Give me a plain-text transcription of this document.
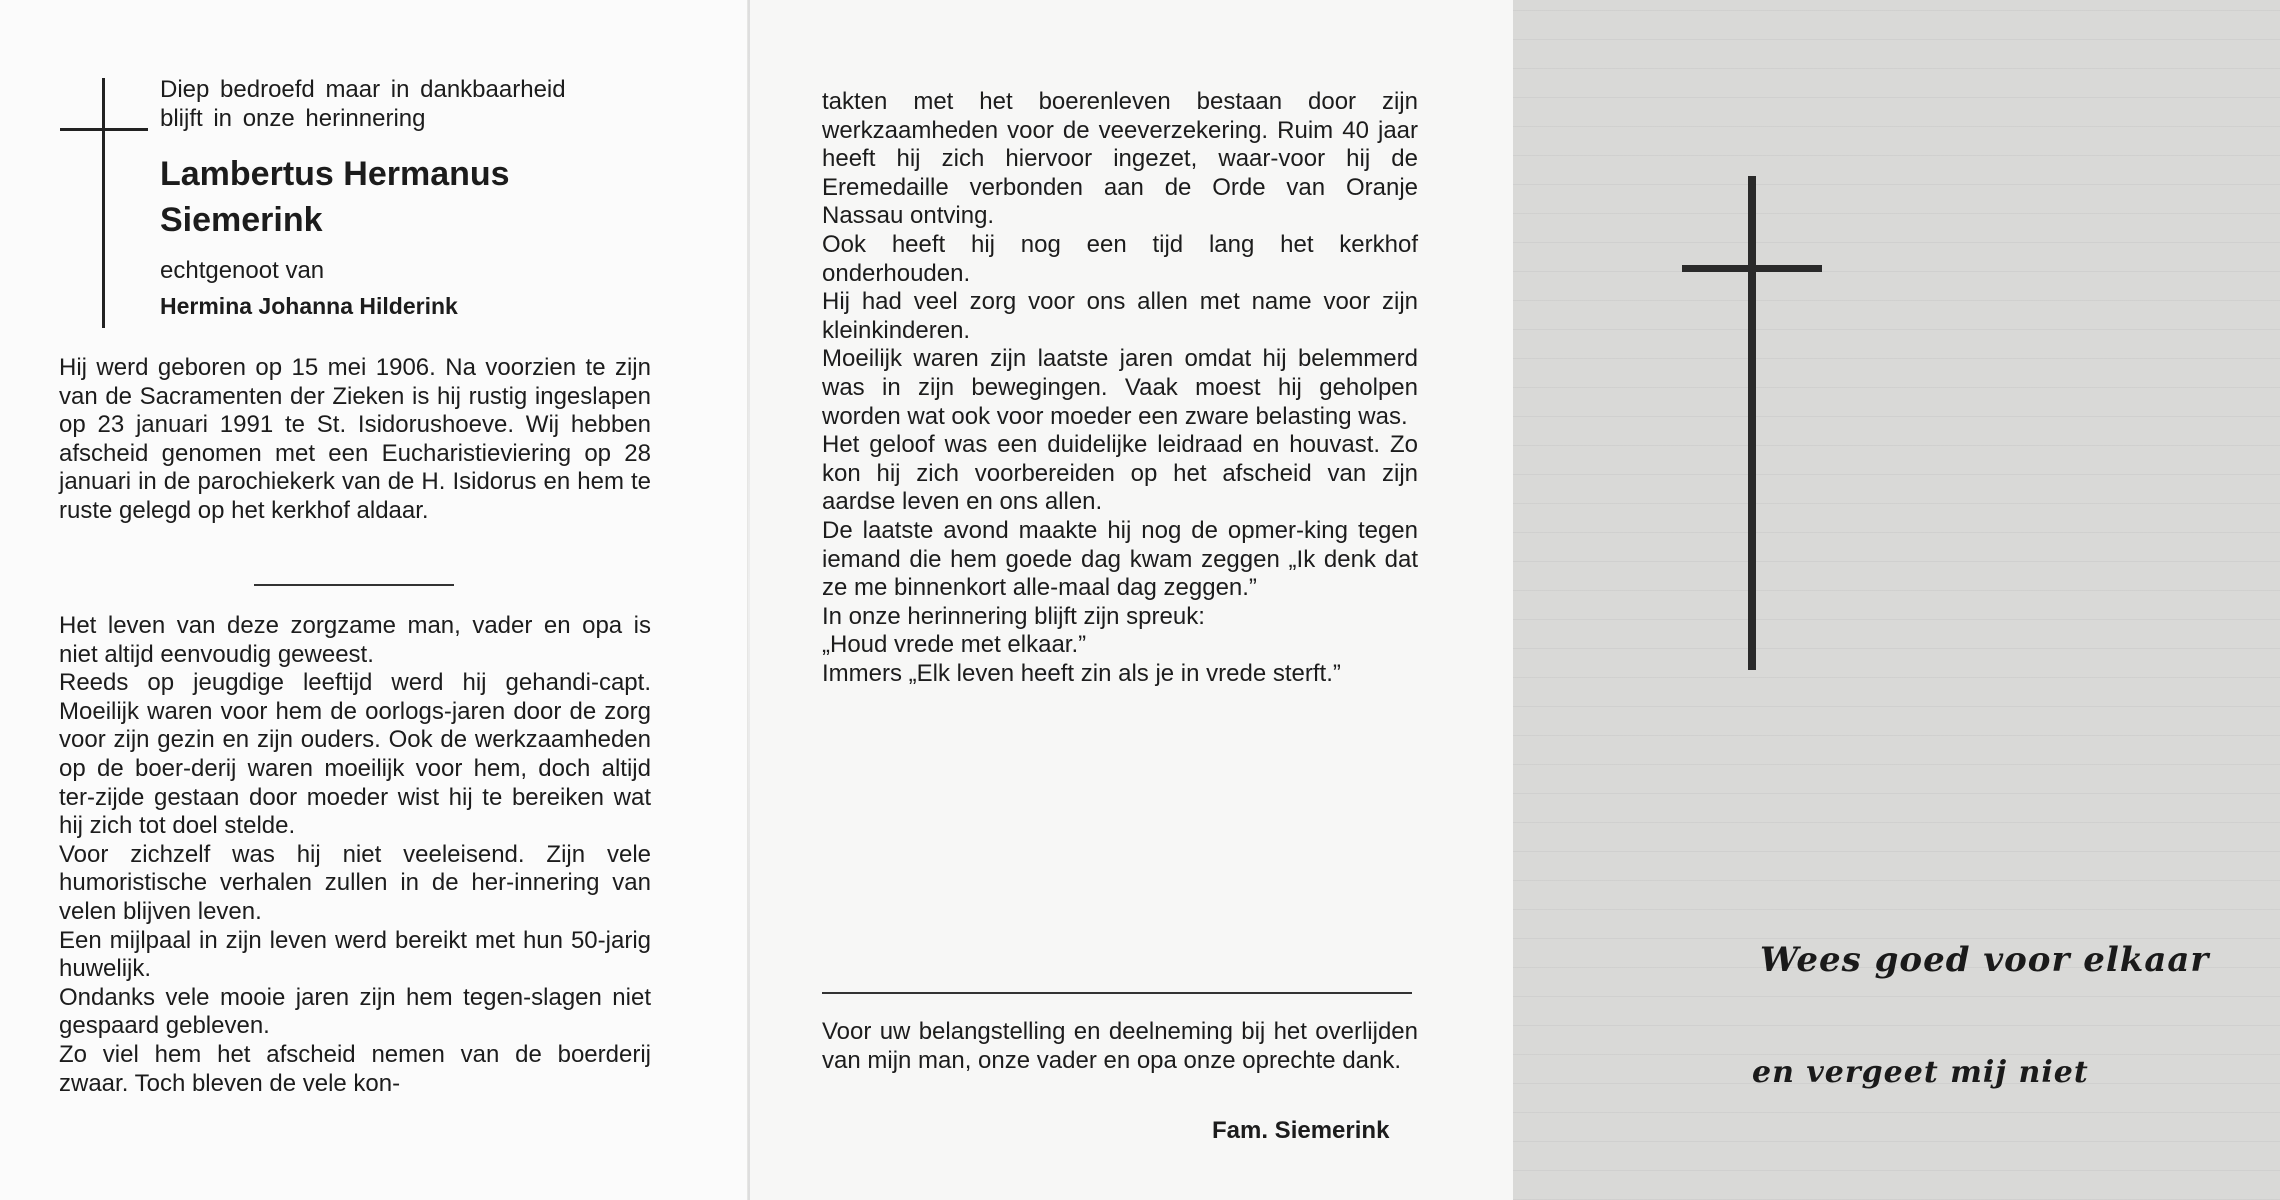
Diep bedroefd maar in dankbaarheid

blijft in onze herinnering

Lambertus Hermanus
Siemerink

echtgenoot van

Hermina Johanna Hilderink

Hij werd geboren op 15 mei 1906. Na voorzien te zijn van de Sacramenten der Zieken is hij rustig ingeslapen op 23 januari 1991 te St. Isidorushoeve. Wij hebben afscheid genomen met een Eucharistieviering op 28 januari in de parochiekerk van de H. Isidorus en hem te ruste gelegd op het kerkhof aldaar.

Het leven van deze zorgzame man, vader en opa is niet altijd eenvoudig geweest.

Reeds op jeugdige leeftijd werd hij gehandi-capt. Moeilijk waren voor hem de oorlogs-jaren door de zorg voor zijn gezin en zijn ouders. Ook de werkzaamheden op de boer-derij waren moeilijk voor hem, doch altijd ter-zijde gestaan door moeder wist hij te bereiken wat hij zich tot doel stelde.

Voor zichzelf was hij niet veeleisend. Zijn vele humoristische verhalen zullen in de her-innering van velen blijven leven.

Een mijlpaal in zijn leven werd bereikt met hun 50-jarig huwelijk.

Ondanks vele mooie jaren zijn hem tegen-slagen niet gespaard gebleven.

Zo viel hem het afscheid nemen van de boerderij zwaar. Toch bleven de vele kon-

takten met het boerenleven bestaan door zijn werkzaamheden voor de veeverzekering. Ruim 40 jaar heeft hij zich hiervoor ingezet, waar-voor hij de Eremedaille verbonden aan de Orde van Oranje Nassau ontving.

Ook heeft hij nog een tijd lang het kerkhof onderhouden.

Hij had veel zorg voor ons allen met name voor zijn kleinkinderen.

Moeilijk waren zijn laatste jaren omdat hij belemmerd was in zijn bewegingen. Vaak moest hij geholpen worden wat ook voor moeder een zware belasting was.

Het geloof was een duidelijke leidraad en houvast. Zo kon hij zich voorbereiden op het afscheid van zijn aardse leven en ons allen.

De laatste avond maakte hij nog de opmer-king tegen iemand die hem goede dag kwam zeggen „Ik denk dat ze me binnenkort alle-maal dag zeggen.”

In onze herinnering blijft zijn spreuk:

„Houd vrede met elkaar.”

Immers „Elk leven heeft zin als je in vrede sterft.”

Voor uw belangstelling en deelneming bij het overlijden van mijn man, onze vader en opa onze oprechte dank.

Fam. Siemerink
Wees goed voor elkaar
en vergeet mij niet
